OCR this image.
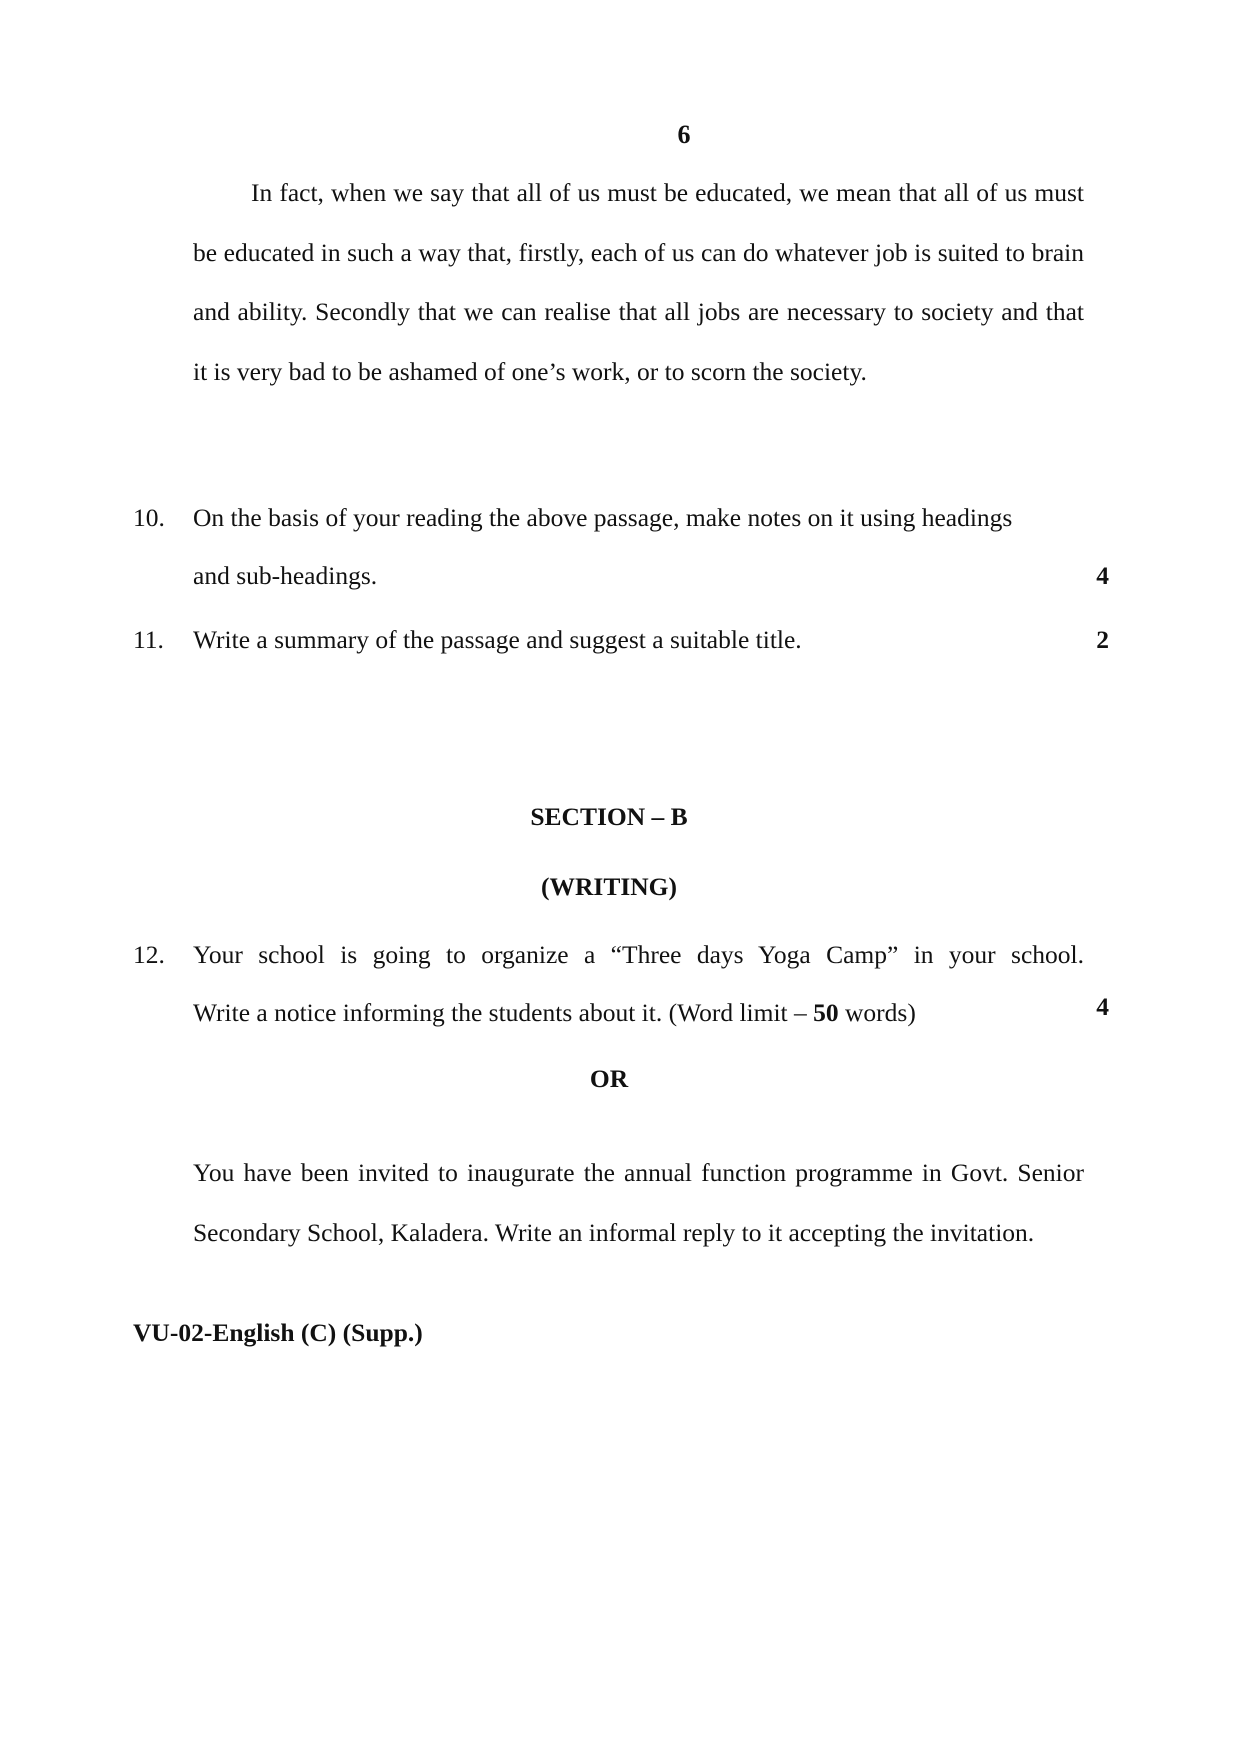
6

In fact, when we say that all of us must be educated, we mean that all of us must be educated in such a way that, firstly, each of us can do whatever job is suited to brain and ability. Secondly that we can realise that all jobs are necessary to society and that it is very bad to be ashamed of one’s work, or to scorn the society.

10. On the basis of your reading the above passage, make notes on it using headings
and sub-headings.	4
11. Write a summary of the passage and suggest a suitable title.	2
SECTION – B
(WRITING)
12. Your school is going to organize a “Three days Yoga Camp” in your school.
Write a notice informing the students about it. (Word limit – 50 words)	4
OR

You have been invited to inaugurate the annual function programme in Govt. Senior Secondary School, Kaladera. Write an informal reply to it accepting the invitation.

VU-02-English (C) (Supp.)
